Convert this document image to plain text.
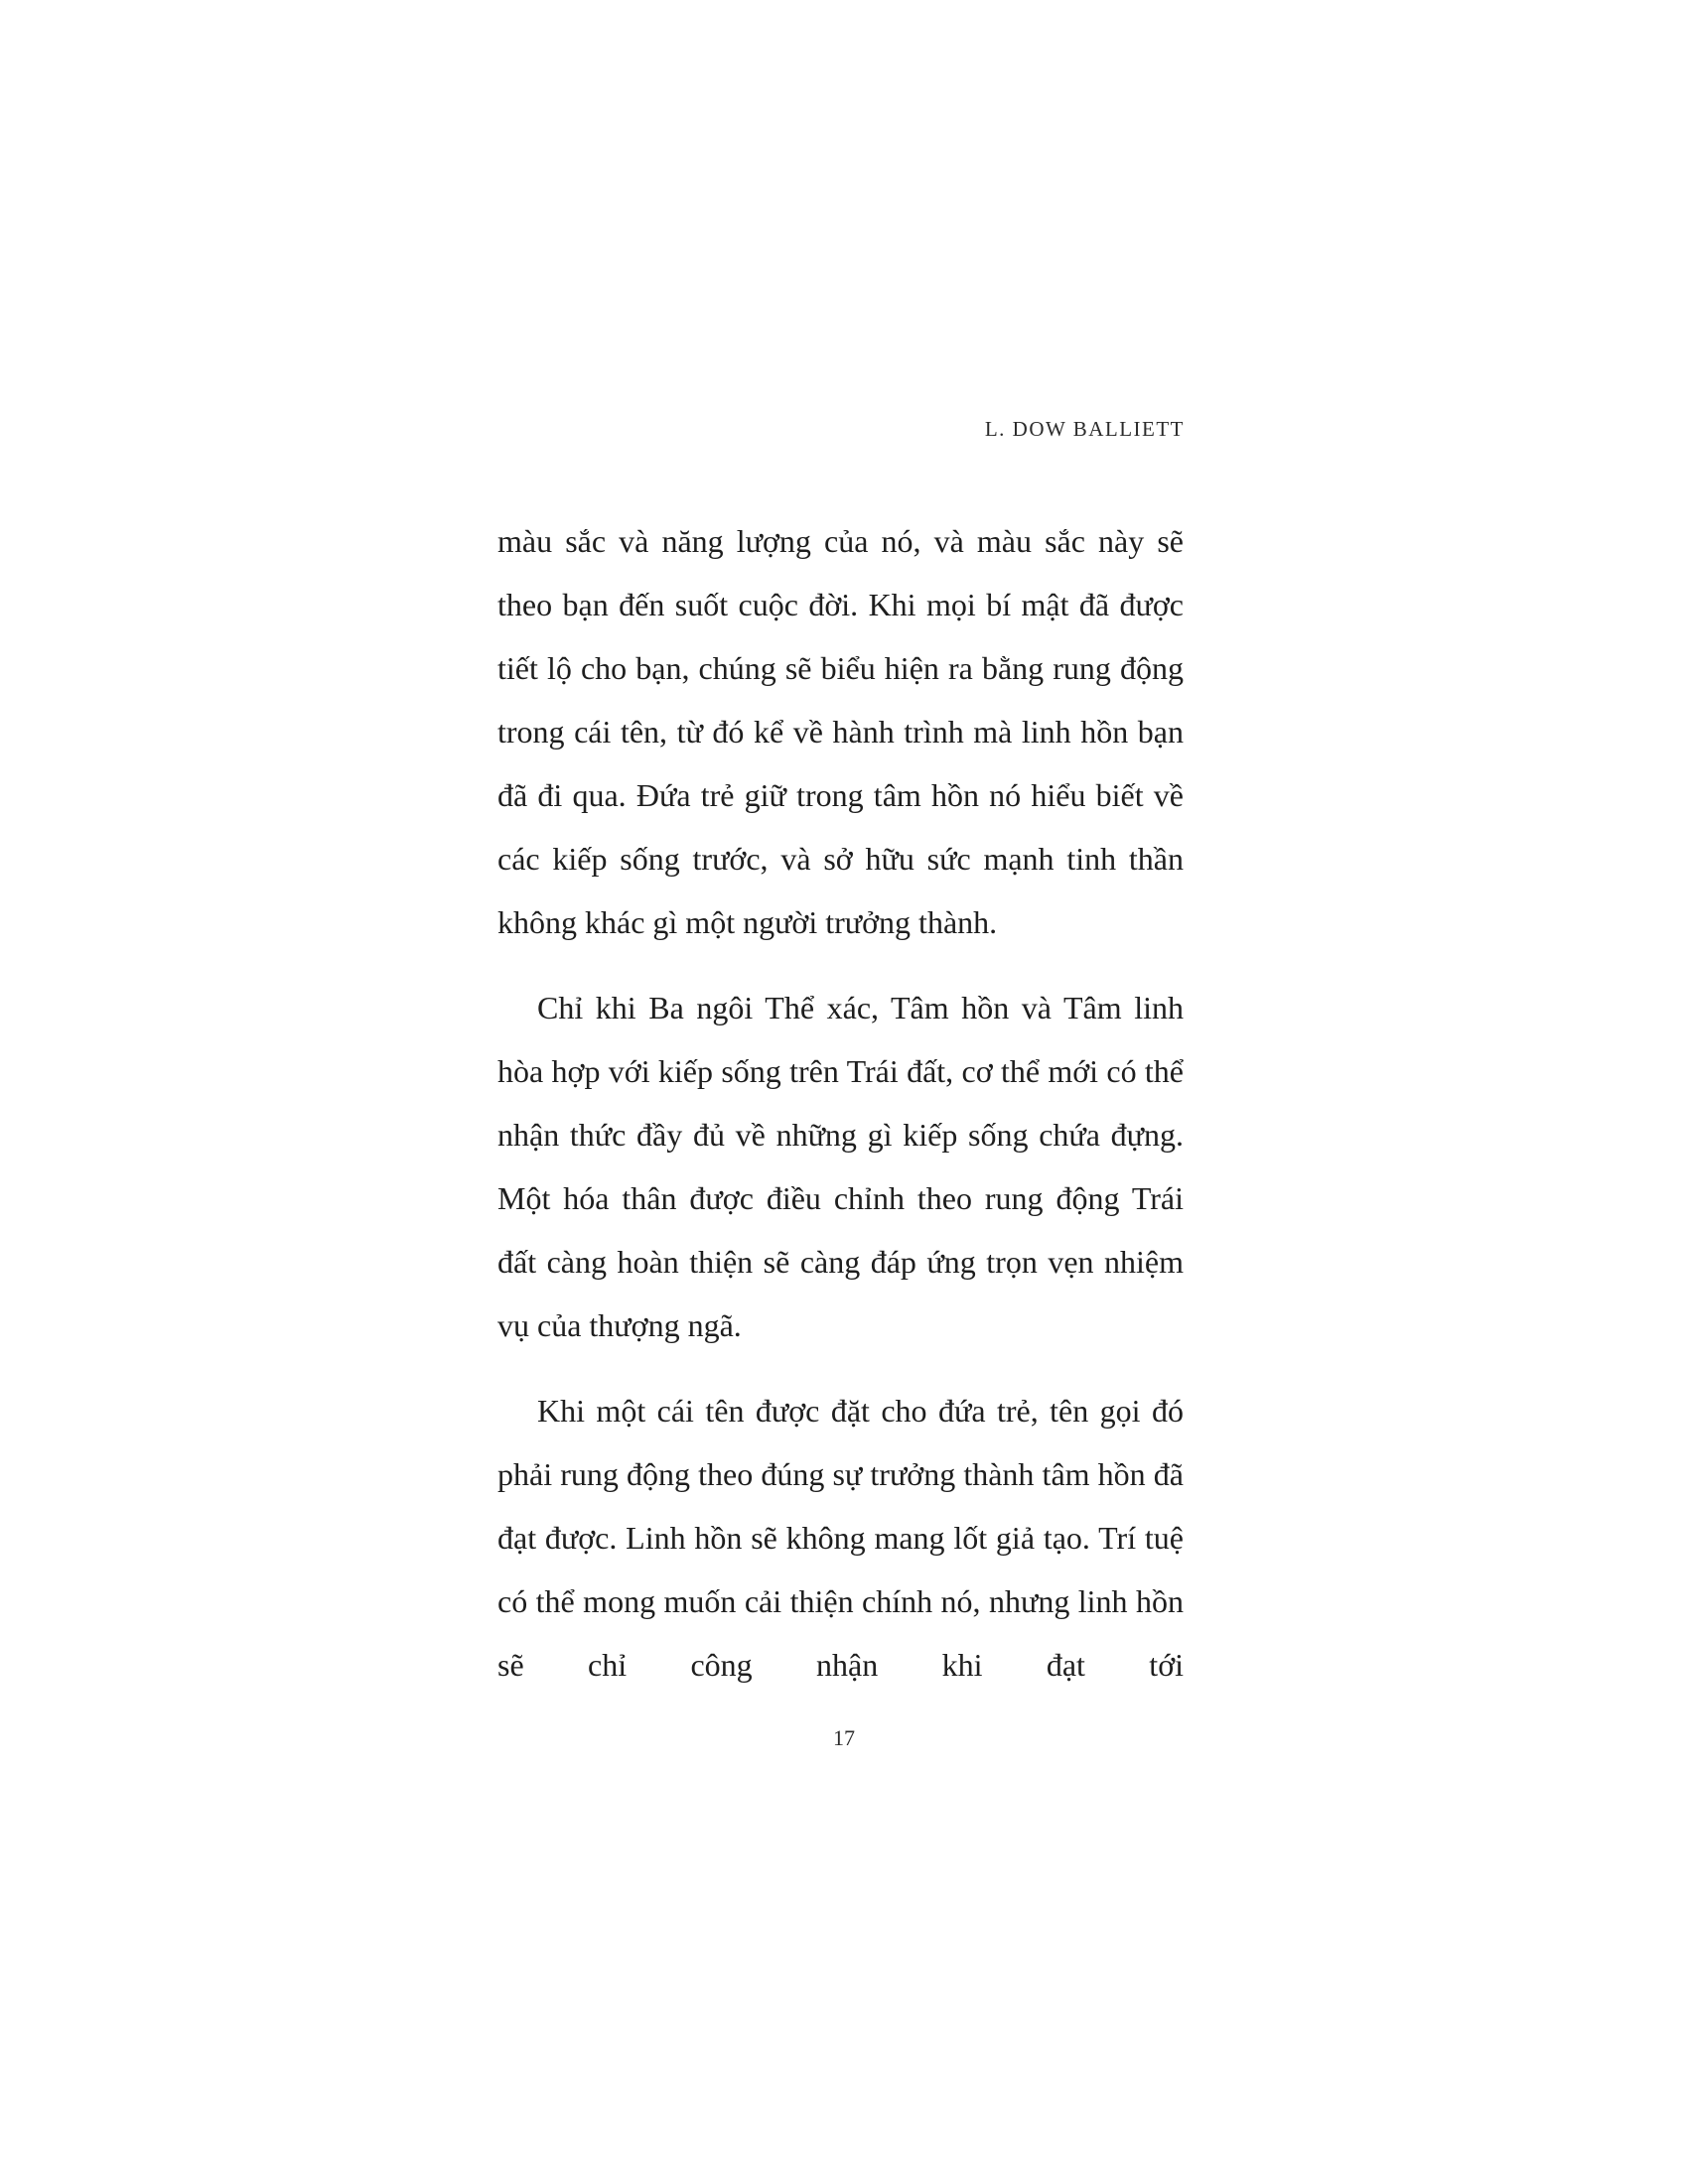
L. DOW BALLIETT

màu sắc và năng lượng của nó, và màu sắc này sẽ theo bạn đến suốt cuộc đời. Khi mọi bí mật đã được tiết lộ cho bạn, chúng sẽ biểu hiện ra bằng rung động trong cái tên, từ đó kể về hành trình mà linh hồn bạn đã đi qua. Đứa trẻ giữ trong tâm hồn nó hiểu biết về các kiếp sống trước, và sở hữu sức mạnh tinh thần không khác gì một người trưởng thành.

Chỉ khi Ba ngôi Thể xác, Tâm hồn và Tâm linh hòa hợp với kiếp sống trên Trái đất, cơ thể mới có thể nhận thức đầy đủ về những gì kiếp sống chứa đựng. Một hóa thân được điều chỉnh theo rung động Trái đất càng hoàn thiện sẽ càng đáp ứng trọn vẹn nhiệm vụ của thượng ngã.

Khi một cái tên được đặt cho đứa trẻ, tên gọi đó phải rung động theo đúng sự trưởng thành tâm hồn đã đạt được. Linh hồn sẽ không mang lốt giả tạo. Trí tuệ có thể mong muốn cải thiện chính nó, nhưng linh hồn sẽ chỉ công nhận khi đạt tới

17
